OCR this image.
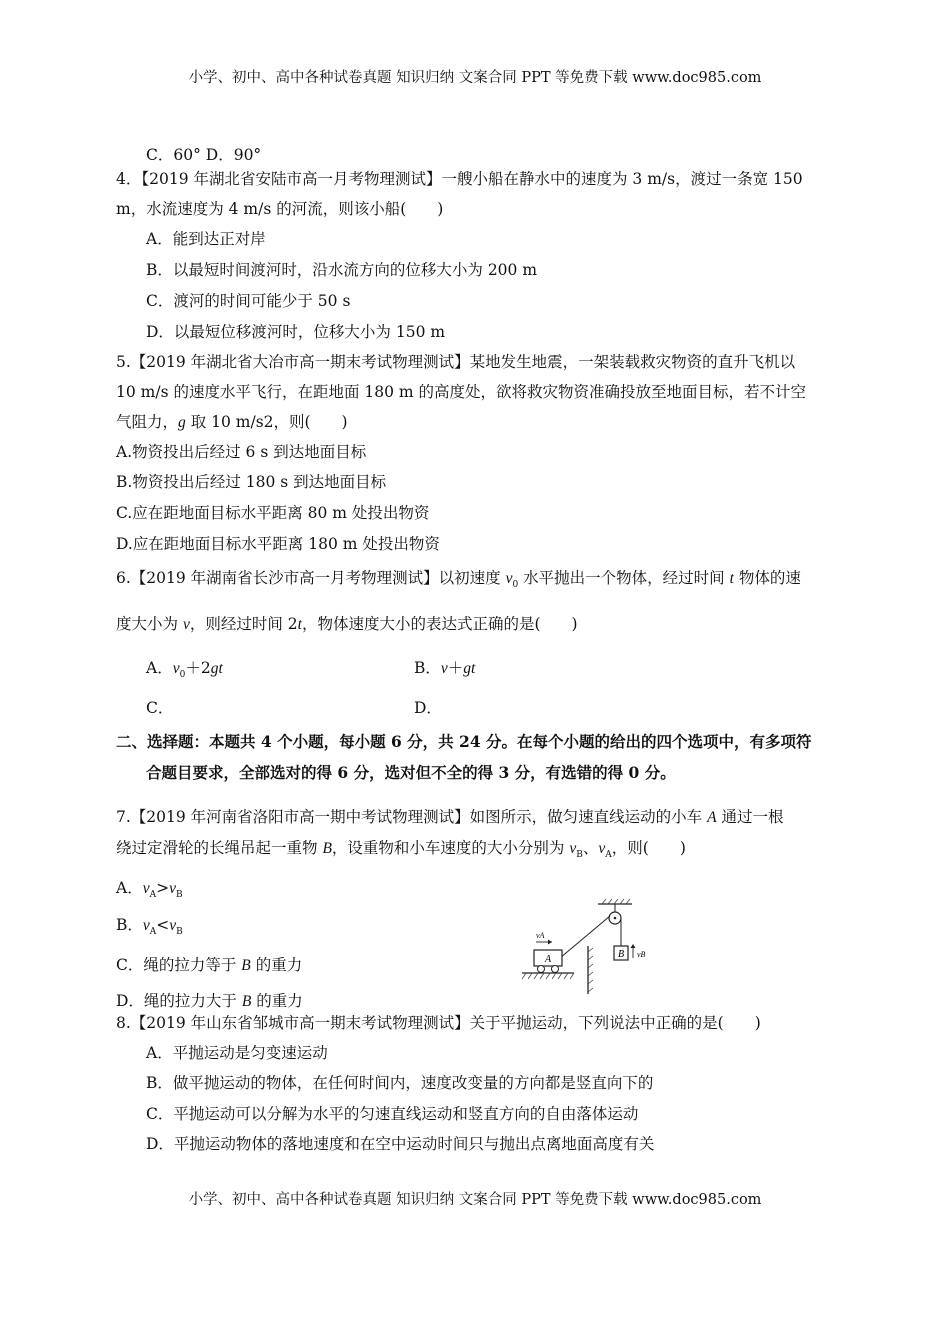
小学、初中、高中各种试卷真题 知识归纳 文案合同 PPT 等免费下载 www.doc985.com
C．60° D．90°
4．【2019 年湖北省安陆市高一月考物理测试】一艘小船在静水中的速度为 3 m/s，渡过一条宽 150
m，水流速度为 4 m/s 的河流，则该小船(　　)
A．能到达正对岸
B．以最短时间渡河时，沿水流方向的位移大小为 200 m
C．渡河的时间可能少于 50 s
D．以最短位移渡河时，位移大小为 150 m
5.【2019 年湖北省大冶市高一期末考试物理测试】某地发生地震，一架装载救灾物资的直升飞机以
10 m/s 的速度水平飞行，在距地面 180 m 的高度处，欲将救灾物资准确投放至地面目标，若不计空
气阻力，g 取 10 m/s2，则(　　)
A.物资投出后经过 6 s 到达地面目标
B.物资投出后经过 180 s 到达地面目标
C.应在距地面目标水平距离 80 m 处投出物资
D.应在距地面目标水平距离 180 m 处投出物资
6.【2019 年湖南省长沙市高一月考物理测试】以初速度 $v_0$ 水平抛出一个物体，经过时间 t 物体的速
度大小为 v，则经过时间 2t，物体速度大小的表达式正确的是(　　)
A．$v_0+2gt$	B．v＋gt
C．	D．
二、选择题：本题共 4 个小题，每小题 6 分，共 24 分。在每个小题的给出的四个选项中，有多项符
合题目要求，全部选对的得 6 分，选对但不全的得 3 分，有选错的得 0 分。
7.【2019 年河南省洛阳市高一期中考试物理测试】如图所示，做匀速直线运动的小车 A 通过一根
绕过定滑轮的长绳吊起一重物 B，设重物和小车速度的大小分别为 $v_B$、$v_A$，则(　　)
A．$v_A>v_B$
B．$v_A<v_B$
C．绳的拉力等于 B 的重力
D．绳的拉力大于 B 的重力
A
vA
B vB
8.【2019 年山东省邹城市高一期末考试物理测试】关于平抛运动，下列说法中正确的是(　　)
A．平抛运动是匀变速运动
B．做平抛运动的物体，在任何时间内，速度改变量的方向都是竖直向下的
C．平抛运动可以分解为水平的匀速直线运动和竖直方向的自由落体运动
D．平抛运动物体的落地速度和在空中运动时间只与抛出点离地面高度有关
小学、初中、高中各种试卷真题 知识归纳 文案合同 PPT 等免费下载 www.doc985.com
